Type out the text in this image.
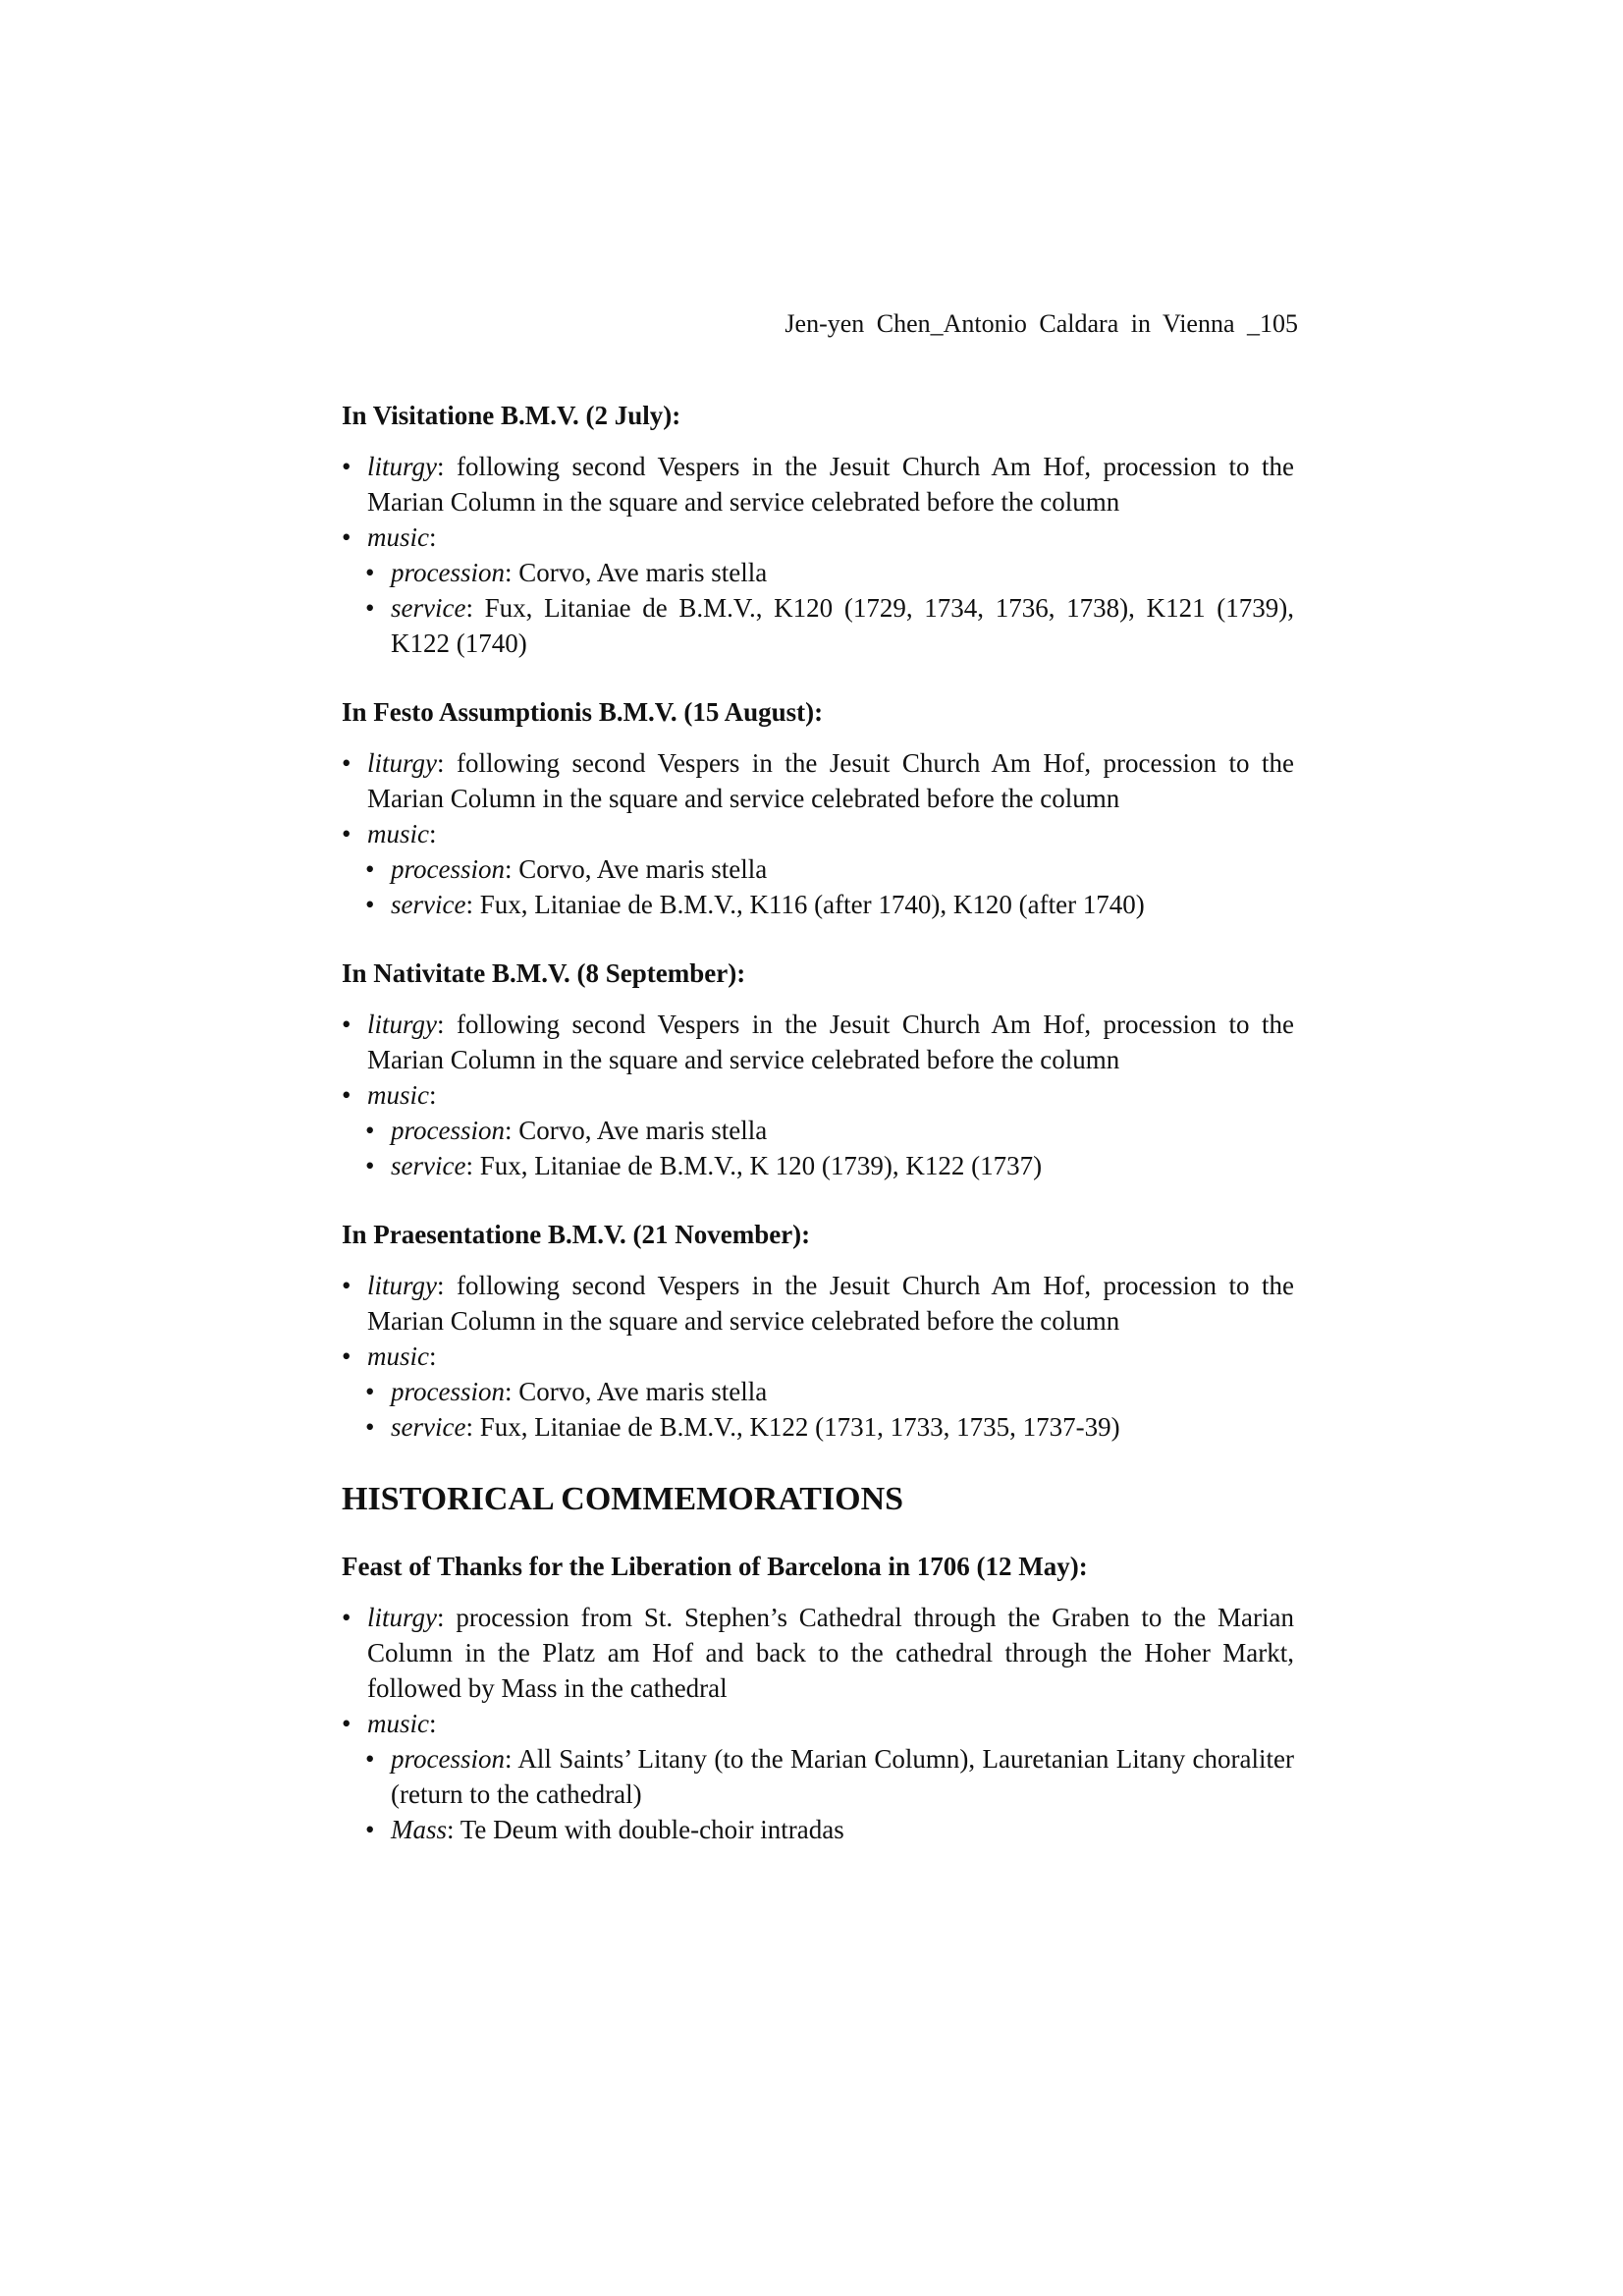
Jen-yen Chen_Antonio Caldara in Vienna _105
In Visitatione B.M.V. (2 July):
• liturgy: following second Vespers in the Jesuit Church Am Hof, procession to the Marian Column in the square and service celebrated before the column
• music:
• procession: Corvo, Ave maris stella
• service: Fux, Litaniae de B.M.V., K120 (1729, 1734, 1736, 1738), K121 (1739), K122 (1740)
In Festo Assumptionis B.M.V. (15 August):
• liturgy: following second Vespers in the Jesuit Church Am Hof, procession to the Marian Column in the square and service celebrated before the column
• music:
• procession: Corvo, Ave maris stella
• service: Fux, Litaniae de B.M.V., K116 (after 1740), K120 (after 1740)
In Nativitate B.M.V. (8 September):
• liturgy: following second Vespers in the Jesuit Church Am Hof, procession to the Marian Column in the square and service celebrated before the column
• music:
• procession: Corvo, Ave maris stella
• service: Fux, Litaniae de B.M.V., K 120 (1739), K122 (1737)
In Praesentatione B.M.V. (21 November):
• liturgy: following second Vespers in the Jesuit Church Am Hof, procession to the Marian Column in the square and service celebrated before the column
• music:
• procession: Corvo, Ave maris stella
• service: Fux, Litaniae de B.M.V., K122 (1731, 1733, 1735, 1737-39)
HISTORICAL COMMEMORATIONS
Feast of Thanks for the Liberation of Barcelona in 1706 (12 May):
• liturgy: procession from St. Stephen’s Cathedral through the Graben to the Marian Column in the Platz am Hof and back to the cathedral through the Hoher Markt, followed by Mass in the cathedral
• music:
• procession: All Saints’ Litany (to the Marian Column), Lauretanian Litany choraliter (return to the cathedral)
• Mass: Te Deum with double-choir intradas
